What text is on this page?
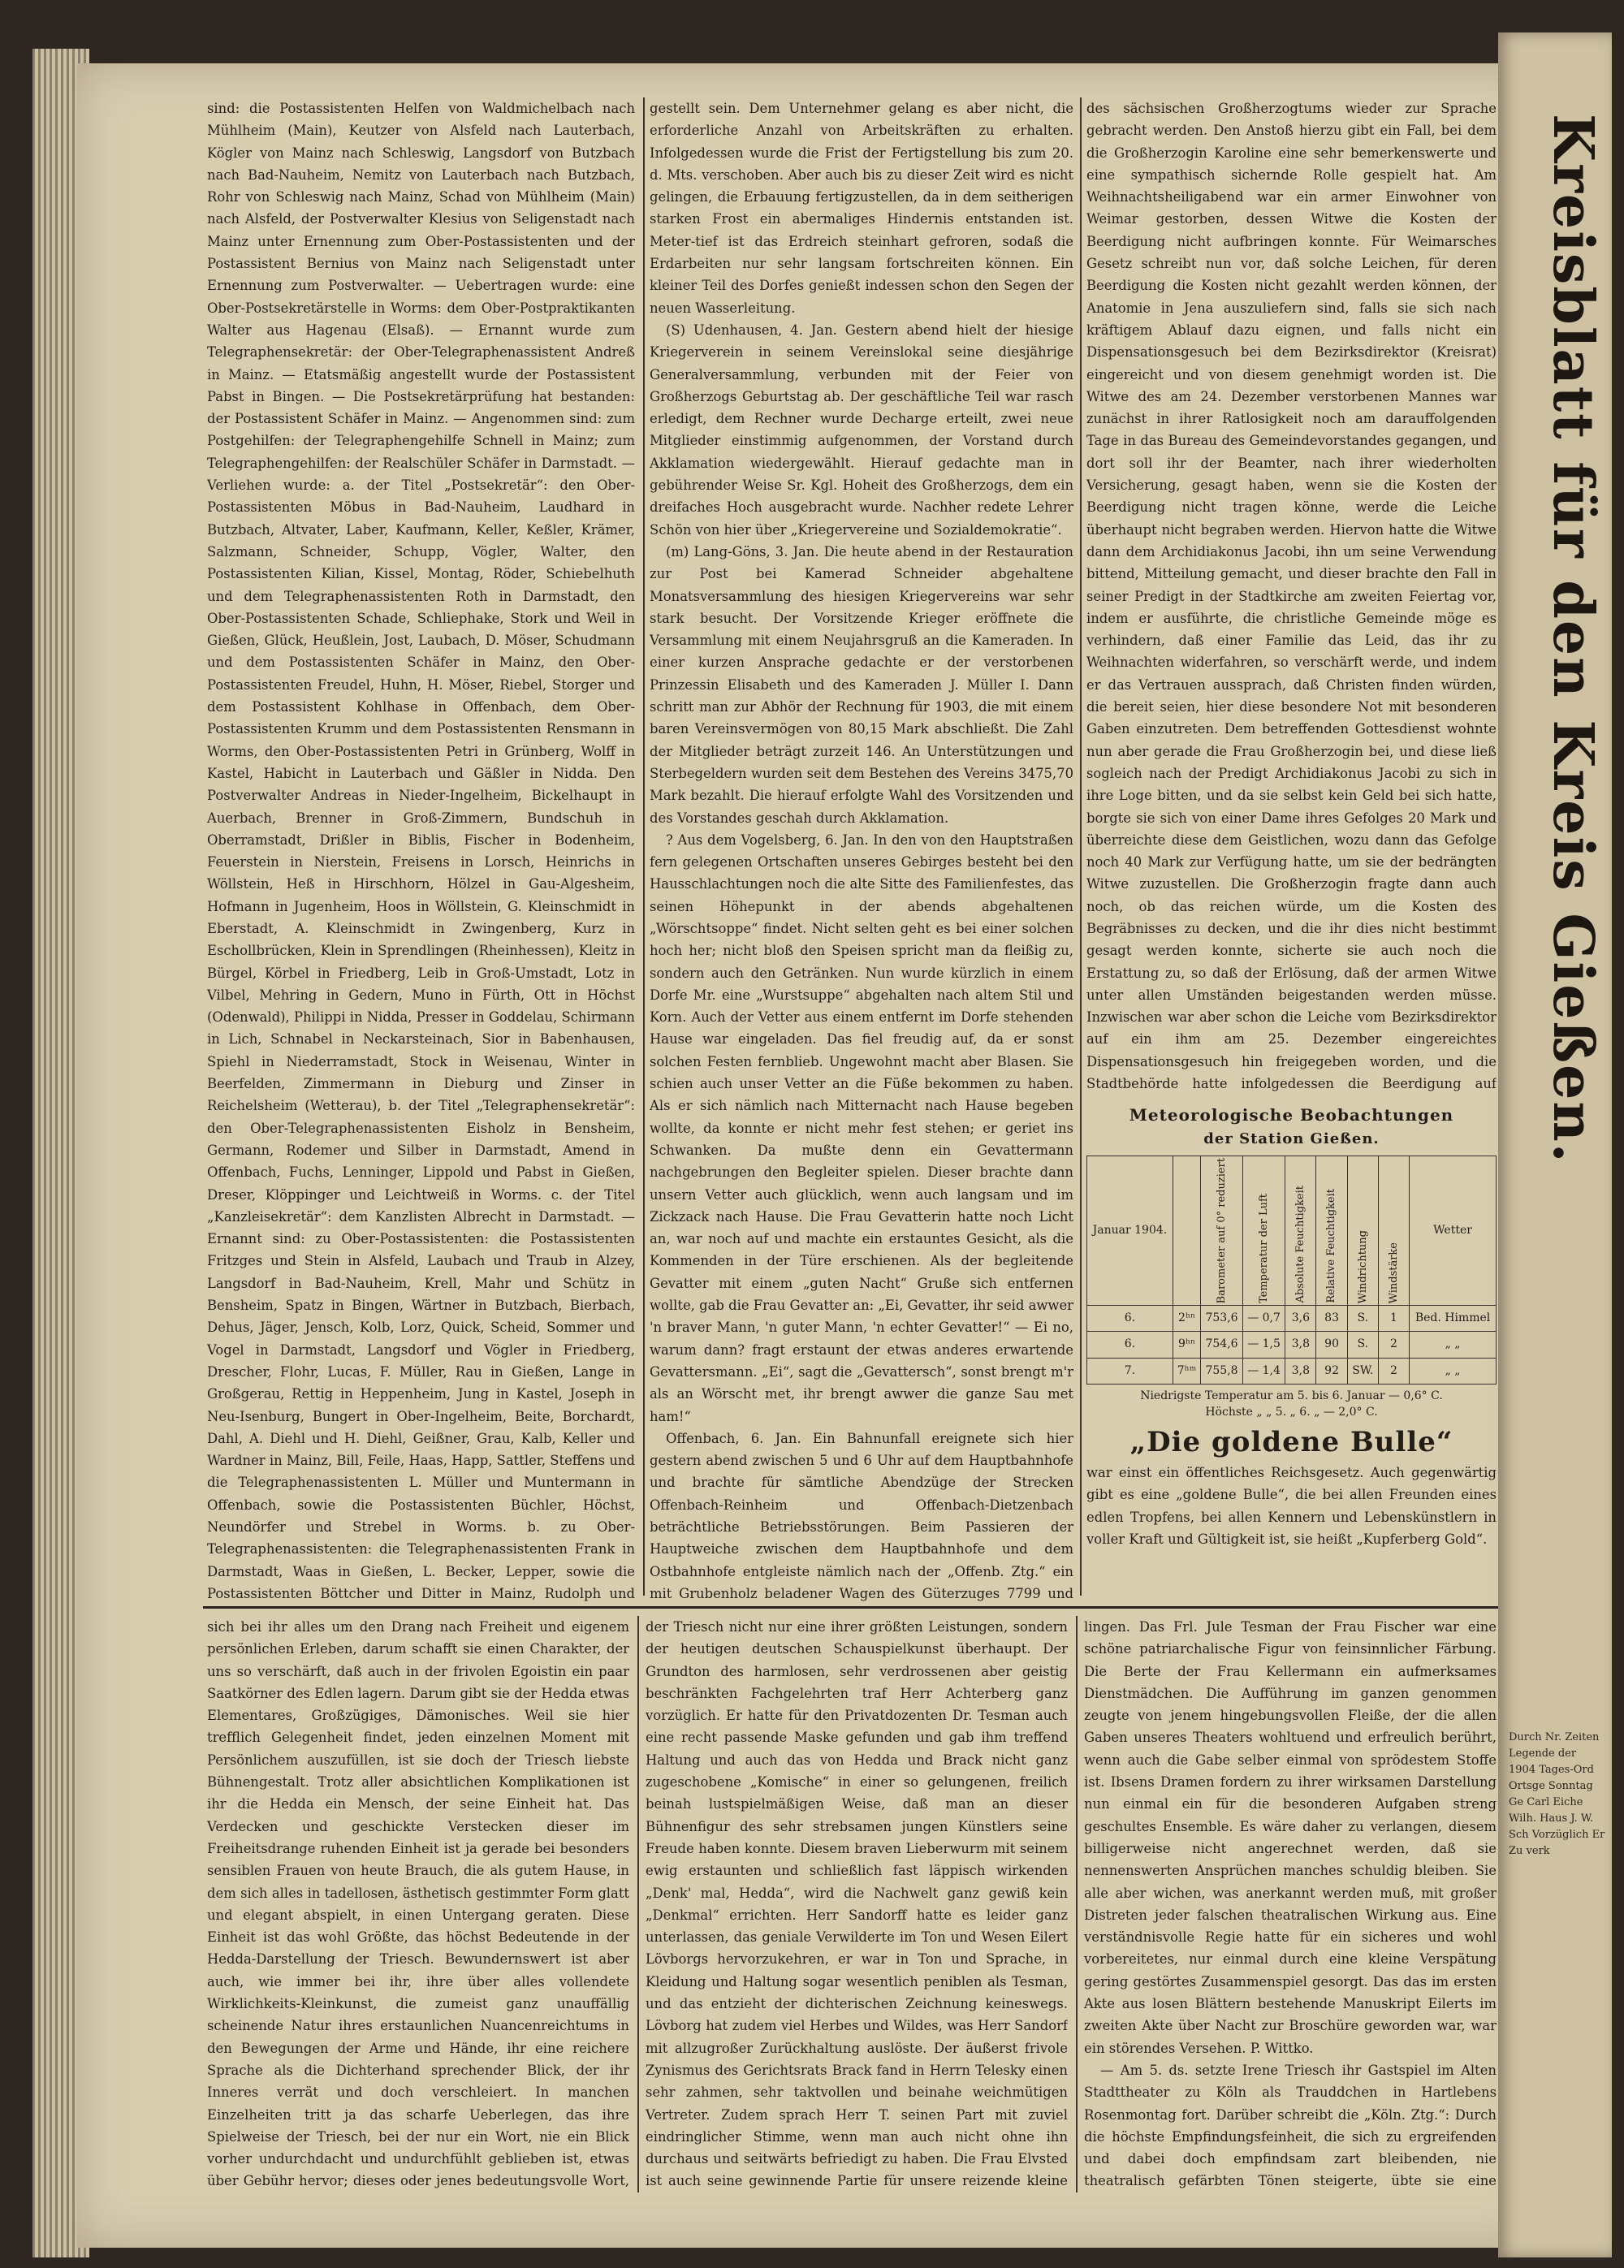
Kreisblatt für den Kreis Gießen.

sind: die Postassistenten Helfen von Waldmichelbach nach Mühlheim (Main), Keutzer von Alsfeld nach Lauterbach, Kögler von Mainz nach Schleswig, Langsdorf von Butzbach nach Bad-Nauheim, Nemitz von Lauterbach nach Butzbach, Rohr von Schleswig nach Mainz, Schad von Mühlheim (Main) nach Alsfeld, der Postverwalter Klesius von Seligenstadt nach Mainz unter Ernennung zum Ober-Postassistenten und der Postassistent Bernius von Mainz nach Seligenstadt unter Ernennung zum Postverwalter. — Uebertragen wurde: eine Ober-Postsekretärstelle in Worms: dem Ober-Postpraktikanten Walter aus Hagenau (Elsaß). — Ernannt wurde zum Telegraphensekretär: der Ober-Telegraphenassistent Andreß in Mainz. — Etatsmäßig angestellt wurde der Postassistent Pabst in Bingen. — Die Postsekretärprüfung hat bestanden: der Postassistent Schäfer in Mainz. — Angenommen sind: zum Postgehilfen: der Telegraphengehilfe Schnell in Mainz; zum Telegraphengehilfen: der Realschüler Schäfer in Darmstadt. — Verliehen wurde: a. der Titel „Postsekretär“: den Ober-Postassistenten Möbus in Bad-Nauheim, Laudhard in Butzbach, Altvater, Laber, Kaufmann, Keller, Keßler, Krämer, Salzmann, Schneider, Schupp, Vögler, Walter, den Postassistenten Kilian, Kissel, Montag, Röder, Schiebelhuth und dem Telegraphenassistenten Roth in Darmstadt, den Ober-Postassistenten Schade, Schliephake, Stork und Weil in Gießen, Glück, Heußlein, Jost, Laubach, D. Möser, Schudmann und dem Postassistenten Schäfer in Mainz, den Ober-Postassistenten Freudel, Huhn, H. Möser, Riebel, Storger und dem Postassistent Kohlhase in Offenbach, dem Ober-Postassistenten Krumm und dem Postassistenten Rensmann in Worms, den Ober-Postassistenten Petri in Grünberg, Wolff in Kastel, Habicht in Lauterbach und Gäßler in Nidda. Den Postverwalter Andreas in Nieder-Ingelheim, Bickelhaupt in Auerbach, Brenner in Groß-Zimmern, Bundschuh in Oberramstadt, Drißler in Biblis, Fischer in Bodenheim, Feuerstein in Nierstein, Freisens in Lorsch, Heinrichs in Wöllstein, Heß in Hirschhorn, Hölzel in Gau-Algesheim, Hofmann in Jugenheim, Hoos in Wöllstein, G. Kleinschmidt in Eberstadt, A. Kleinschmidt in Zwingenberg, Kurz in Eschollbrücken, Klein in Sprendlingen (Rheinhessen), Kleitz in Bürgel, Körbel in Friedberg, Leib in Groß-Umstadt, Lotz in Vilbel, Mehring in Gedern, Muno in Fürth, Ott in Höchst (Odenwald), Philippi in Nidda, Presser in Goddelau, Schirmann in Lich, Schnabel in Neckarsteinach, Sior in Babenhausen, Spiehl in Niederramstadt, Stock in Weisenau, Winter in Beerfelden, Zimmermann in Dieburg und Zinser in Reichelsheim (Wetterau), b. der Titel „Telegraphensekretär“: den Ober-Telegraphenassistenten Eisholz in Bensheim, Germann, Rodemer und Silber in Darmstadt, Amend in Offenbach, Fuchs, Lenninger, Lippold und Pabst in Gießen, Dreser, Klöppinger und Leichtweiß in Worms. c. der Titel „Kanzleisekretär“: dem Kanzlisten Albrecht in Darmstadt. — Ernannt sind: zu Ober-Postassistenten: die Postassistenten Fritzges und Stein in Alsfeld, Laubach und Traub in Alzey, Langsdorf in Bad-Nauheim, Krell, Mahr und Schütz in Bensheim, Spatz in Bingen, Wärtner in Butzbach, Bierbach, Dehus, Jäger, Jensch, Kolb, Lorz, Quick, Scheid, Sommer und Vogel in Darmstadt, Langsdorf und Vögler in Friedberg, Drescher, Flohr, Lucas, F. Müller, Rau in Gießen, Lange in Großgerau, Rettig in Heppenheim, Jung in Kastel, Joseph in Neu-Isenburg, Bungert in Ober-Ingelheim, Beite, Borchardt, Dahl, A. Diehl und H. Diehl, Geißner, Grau, Kalb, Keller und Wardner in Mainz, Bill, Feile, Haas, Happ, Sattler, Steffens und die Telegraphenassistenten L. Müller und Muntermann in Offenbach, sowie die Postassistenten Büchler, Höchst, Neundörfer und Strebel in Worms. b. zu Ober-Telegraphenassistenten: die Telegraphenassistenten Frank in Darmstadt, Waas in Gießen, L. Becker, Lepper, sowie die Postassistenten Böttcher und Ditter in Mainz, Rudolph und

gestellt sein. Dem Unternehmer gelang es aber nicht, die erforderliche Anzahl von Arbeitskräften zu erhalten. Infolgedessen wurde die Frist der Fertigstellung bis zum 20. d. Mts. verschoben. Aber auch bis zu dieser Zeit wird es nicht gelingen, die Erbauung fertigzustellen, da in dem seitherigen starken Frost ein abermaliges Hindernis entstanden ist. Meter-tief ist das Erdreich steinhart gefroren, sodaß die Erdarbeiten nur sehr langsam fortschreiten können. Ein kleiner Teil des Dorfes genießt indessen schon den Segen der neuen Wasserleitung.

(S) Udenhausen, 4. Jan. Gestern abend hielt der hiesige Kriegerverein in seinem Vereinslokal seine diesjährige Generalversammlung, verbunden mit der Feier von Großherzogs Geburtstag ab. Der geschäftliche Teil war rasch erledigt, dem Rechner wurde Decharge erteilt, zwei neue Mitglieder einstimmig aufgenommen, der Vorstand durch Akklamation wiedergewählt. Hierauf gedachte man in gebührender Weise Sr. Kgl. Hoheit des Großherzogs, dem ein dreifaches Hoch ausgebracht wurde. Nachher redete Lehrer Schön von hier über „Kriegervereine und Sozialdemokratie“.

(m) Lang-Göns, 3. Jan. Die heute abend in der Restauration zur Post bei Kamerad Schneider abgehaltene Monatsversammlung des hiesigen Kriegervereins war sehr stark besucht. Der Vorsitzende Krieger eröffnete die Versammlung mit einem Neujahrsgruß an die Kameraden. In einer kurzen Ansprache gedachte er der verstorbenen Prinzessin Elisabeth und des Kameraden J. Müller I. Dann schritt man zur Abhör der Rechnung für 1903, die mit einem baren Vereinsvermögen von 80,15 Mark abschließt. Die Zahl der Mitglieder beträgt zurzeit 146. An Unterstützungen und Sterbegeldern wurden seit dem Bestehen des Vereins 3475,70 Mark bezahlt. Die hierauf erfolgte Wahl des Vorsitzenden und des Vorstandes geschah durch Akklamation.

? Aus dem Vogelsberg, 6. Jan. In den von den Hauptstraßen fern gelegenen Ortschaften unseres Gebirges besteht bei den Hausschlachtungen noch die alte Sitte des Familienfestes, das seinen Höhepunkt in der abends abgehaltenen „Wörschtsoppe“ findet. Nicht selten geht es bei einer solchen hoch her; nicht bloß den Speisen spricht man da fleißig zu, sondern auch den Getränken. Nun wurde kürzlich in einem Dorfe Mr. eine „Wurstsuppe“ abgehalten nach altem Stil und Korn. Auch der Vetter aus einem entfernt im Dorfe stehenden Hause war eingeladen. Das fiel freudig auf, da er sonst solchen Festen fernblieb. Ungewohnt macht aber Blasen. Sie schien auch unser Vetter an die Füße bekommen zu haben. Als er sich nämlich nach Mitternacht nach Hause begeben wollte, da konnte er nicht mehr fest stehen; er geriet ins Schwanken. Da mußte denn ein Gevattermann nachgebrungen den Begleiter spielen. Dieser brachte dann unsern Vetter auch glücklich, wenn auch langsam und im Zickzack nach Hause. Die Frau Gevatterin hatte noch Licht an, war noch auf und machte ein erstauntes Gesicht, als die Kommenden in der Türe erschienen. Als der begleitende Gevatter mit einem „guten Nacht“ Gruße sich entfernen wollte, gab die Frau Gevatter an: „Ei, Gevatter, ihr seid awwer 'n braver Mann, 'n guter Mann, 'n echter Gevatter!“ — Ei no, warum dann? fragt erstaunt der etwas anderes erwartende Gevattersmann. „Ei“, sagt die „Gevattersch“, sonst brengt m'r als an Wörscht met, ihr brengt awwer die ganze Sau met ham!“

Offenbach, 6. Jan. Ein Bahnunfall ereignete sich hier gestern abend zwischen 5 und 6 Uhr auf dem Hauptbahnhofe und brachte für sämtliche Abendzüge der Strecken Offenbach-Reinheim und Offenbach-Dietzenbach beträchtliche Betriebsstörungen. Beim Passieren der Hauptweiche zwischen dem Hauptbahnhofe und dem Ostbahnhofe entgleiste nämlich nach der „Offenb. Ztg.“ ein mit Grubenholz beladener Wagen des Güterzuges 7799 und

des sächsischen Großherzogtums wieder zur Sprache gebracht werden. Den Anstoß hierzu gibt ein Fall, bei dem die Großherzogin Karoline eine sehr bemerkenswerte und eine sympathisch sichernde Rolle gespielt hat. Am Weihnachtsheiligabend war ein armer Einwohner von Weimar gestorben, dessen Witwe die Kosten der Beerdigung nicht aufbringen konnte. Für Weimarsches Gesetz schreibt nun vor, daß solche Leichen, für deren Beerdigung die Kosten nicht gezahlt werden können, der Anatomie in Jena auszuliefern sind, falls sie sich nach kräftigem Ablauf dazu eignen, und falls nicht ein Dispensationsgesuch bei dem Bezirksdirektor (Kreisrat) eingereicht und von diesem genehmigt worden ist. Die Witwe des am 24. Dezember verstorbenen Mannes war zunächst in ihrer Ratlosigkeit noch am darauffolgenden Tage in das Bureau des Gemeindevorstandes gegangen, und dort soll ihr der Beamter, nach ihrer wiederholten Versicherung, gesagt haben, wenn sie die Kosten der Beerdigung nicht tragen könne, werde die Leiche überhaupt nicht begraben werden. Hiervon hatte die Witwe dann dem Archidiakonus Jacobi, ihn um seine Verwendung bittend, Mitteilung gemacht, und dieser brachte den Fall in seiner Predigt in der Stadtkirche am zweiten Feiertag vor, indem er ausführte, die christliche Gemeinde möge es verhindern, daß einer Familie das Leid, das ihr zu Weihnachten widerfahren, so verschärft werde, und indem er das Vertrauen aussprach, daß Christen finden würden, die bereit seien, hier diese besondere Not mit besonderen Gaben einzutreten. Dem betreffenden Gottesdienst wohnte nun aber gerade die Frau Großherzogin bei, und diese ließ sogleich nach der Predigt Archidiakonus Jacobi zu sich in ihre Loge bitten, und da sie selbst kein Geld bei sich hatte, borgte sie sich von einer Dame ihres Gefolges 20 Mark und überreichte diese dem Geistlichen, wozu dann das Gefolge noch 40 Mark zur Verfügung hatte, um sie der bedrängten Witwe zuzustellen. Die Großherzogin fragte dann auch noch, ob das reichen würde, um die Kosten des Begräbnisses zu decken, und die ihr dies nicht bestimmt gesagt werden konnte, sicherte sie auch noch die Erstattung zu, so daß der Erlösung, daß der armen Witwe unter allen Umständen beigestanden werden müsse. Inzwischen war aber schon die Leiche vom Bezirksdirektor auf ein ihm am 25. Dezember eingereichtes Dispensationsgesuch hin freigegeben worden, und die Stadtbehörde hatte infolgedessen die Beerdigung auf

Meteorologische Beobachtungen
der Station Gießen.
Januar 1904.		Barometer auf 0° reduziert	Temperatur der Luft	Absolute Feuchtigkeit	Relative Feuchtigkeit	Windrichtung	Windstärke	Wetter
6.	2ʰⁿ	753,6	— 0,7	3,6	83	S.	1	Bed. Himmel
6.	9ʰⁿ	754,6	— 1,5	3,8	90	S.	2	„ „
7.	7ʰᵐ	755,8	— 1,4	3,8	92	SW.	2	„ „
Niedrigste Temperatur am 5. bis 6. Januar — 0,6° C.
Höchste „ „ 5. „ 6. „ — 2,0° C.
„Die goldene Bulle“

war einst ein öffentliches Reichsgesetz. Auch gegenwärtig gibt es eine „goldene Bulle“, die bei allen Freunden eines edlen Tropfens, bei allen Kennern und Lebenskünstlern in voller Kraft und Gültigkeit ist, sie heißt „Kupferberg Gold“.

sich bei ihr alles um den Drang nach Freiheit und eigenem persönlichen Erleben, darum schafft sie einen Charakter, der uns so verschärft, daß auch in der frivolen Egoistin ein paar Saatkörner des Edlen lagern. Darum gibt sie der Hedda etwas Elementares, Großzügiges, Dämonisches. Weil sie hier trefflich Gelegenheit findet, jeden einzelnen Moment mit Persönlichem auszufüllen, ist sie doch der Triesch liebste Bühnengestalt. Trotz aller absichtlichen Komplikationen ist ihr die Hedda ein Mensch, der seine Einheit hat. Das Verdecken und geschickte Verstecken dieser im Freiheitsdrange ruhenden Einheit ist ja gerade bei besonders sensiblen Frauen von heute Brauch, die als gutem Hause, in dem sich alles in tadellosen, ästhetisch gestimmter Form glatt und elegant abspielt, in einen Untergang geraten. Diese Einheit ist das wohl Größte, das höchst Bedeutende in der Hedda-Darstellung der Triesch. Bewundernswert ist aber auch, wie immer bei ihr, ihre über alles vollendete Wirklichkeits-Kleinkunst, die zumeist ganz unauffällig scheinende Natur ihres erstaunlichen Nuancenreichtums in den Bewegungen der Arme und Hände, ihr eine reichere Sprache als die Dichterhand sprechender Blick, der ihr Inneres verrät und doch verschleiert. In manchen Einzelheiten tritt ja das scharfe Ueberlegen, das ihre Spielweise der Triesch, bei der nur ein Wort, nie ein Blick vorher undurchdacht und undurchfühlt geblieben ist, etwas über Gebühr hervor; dieses oder jenes bedeutungsvolle Wort,

der Triesch nicht nur eine ihrer größten Leistungen, sondern der heutigen deutschen Schauspielkunst überhaupt. Der Grundton des harmlosen, sehr verdrossenen aber geistig beschränkten Fachgelehrten traf Herr Achterberg ganz vorzüglich. Er hatte für den Privatdozenten Dr. Tesman auch eine recht passende Maske gefunden und gab ihm treffend Haltung und auch das von Hedda und Brack nicht ganz zugeschobene „Komische“ in einer so gelungenen, freilich beinah lustspielmäßigen Weise, daß man an dieser Bühnenfigur des sehr strebsamen jungen Künstlers seine Freude haben konnte. Diesem braven Lieberwurm mit seinem ewig erstaunten und schließlich fast läppisch wirkenden „Denk' mal, Hedda“, wird die Nachwelt ganz gewiß kein „Denkmal“ errichten. Herr Sandorff hatte es leider ganz unterlassen, das geniale Verwilderte im Ton und Wesen Eilert Lövborgs hervorzukehren, er war in Ton und Sprache, in Kleidung und Haltung sogar wesentlich peniblen als Tesman, und das entzieht der dichterischen Zeichnung keineswegs. Lövborg hat zudem viel Herbes und Wildes, was Herr Sandorf mit allzugroßer Zurückhaltung auslöste. Der äußerst frivole Zynismus des Gerichtsrats Brack fand in Herrn Telesky einen sehr zahmen, sehr taktvollen und beinahe weichmütigen Vertreter. Zudem sprach Herr T. seinen Part mit zuviel eindringlicher Stimme, wenn man auch nicht ohne ihn durchaus und seitwärts befriedigt zu haben. Die Frau Elvsted ist auch seine gewinnende Partie für unsere reizende kleine

lingen. Das Frl. Jule Tesman der Frau Fischer war eine schöne patriarchalische Figur von feinsinnlicher Färbung. Die Berte der Frau Kellermann ein aufmerksames Dienstmädchen. Die Aufführung im ganzen genommen zeugte von jenem hingebungsvollen Fleiße, der die allen Gaben unseres Theaters wohltuend und erfreulich berührt, wenn auch die Gabe selber einmal von sprödestem Stoffe ist. Ibsens Dramen fordern zu ihrer wirksamen Darstellung nun einmal ein für die besonderen Aufgaben streng geschultes Ensemble. Es wäre daher zu verlangen, diesem billigerweise nicht angerechnet werden, daß sie nennenswerten Ansprüchen manches schuldig bleiben. Sie alle aber wichen, was anerkannt werden muß, mit großer Distreten jeder falschen theatralischen Wirkung aus. Eine verständnisvolle Regie hatte für ein sicheres und wohl vorbereitetes, nur einmal durch eine kleine Verspätung gering gestörtes Zusammenspiel gesorgt. Das das im ersten Akte aus losen Blättern bestehende Manuskript Eilerts im zweiten Akte über Nacht zur Broschüre geworden war, war ein störendes Versehen. P. Wittko.

— Am 5. ds. setzte Irene Triesch ihr Gastspiel im Alten Stadttheater zu Köln als Trauddchen in Hartlebens Rosenmontag fort. Darüber schreibt die „Köln. Ztg.“: Durch die höchste Empfindungsfeinheit, die sich zu ergreifenden und dabei doch empfindsam zart bleibenden, nie theatralisch gefärbten Tönen steigerte, übte sie eine

Durch Nr. Zeiten Legende der 1904 Tages-Ord Ortsge Sonntag Ge Carl Eiche Wilh. Haus J. W. Sch Vorzüglich Er Zu verk
